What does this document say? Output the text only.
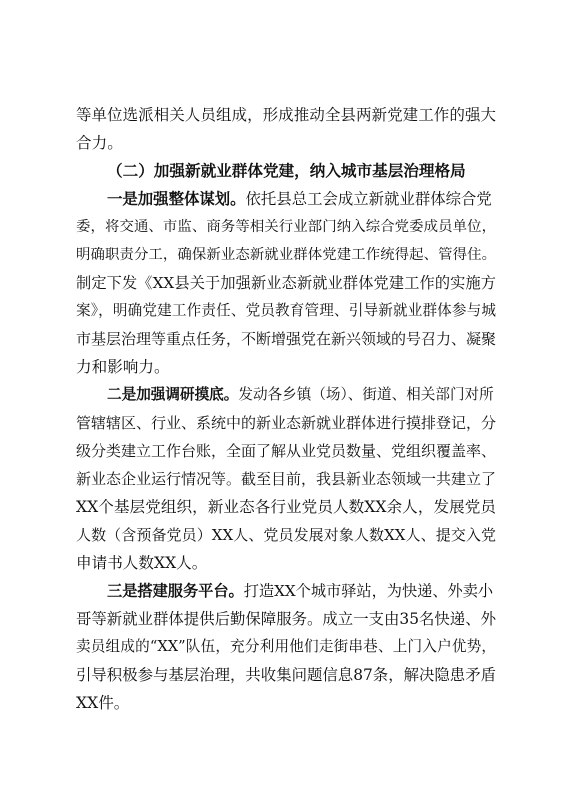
等单位选派相关人员组成，形成推动全县两新党建工作的强大
合力。
（二）加强新就业群体党建，纳入城市基层治理格局
一是加强整体谋划。依托县总工会成立新就业群体综合党
委，将交通、市监、商务等相关行业部门纳入综合党委成员单位，
明确职责分工，确保新业态新就业群体党建工作统得起、管得住。
制定下发《XX县关于加强新业态新就业群体党建工作的实施方
案》，明确党建工作责任、党员教育管理、引导新就业群体参与城
市基层治理等重点任务，不断增强党在新兴领域的号召力、凝聚
力和影响力。
二是加强调研摸底。发动各乡镇（场）、街道、相关部门对所
管辖辖区、行业、系统中的新业态新就业群体进行摸排登记，分
级分类建立工作台账，全面了解从业党员数量、党组织覆盖率、
新业态企业运行情况等。截至目前，我县新业态领域一共建立了
XX个基层党组织，新业态各行业党员人数XX余人，发展党员
人数（含预备党员）XX人、党员发展对象人数XX人、提交入党
申请书人数XX人。
三是搭建服务平台。打造XX个城市驿站，为快递、外卖小
哥等新就业群体提供后勤保障服务。成立一支由35名快递、外
卖员组成的“XX”队伍，充分利用他们走街串巷、上门入户优势，
引导积极参与基层治理，共收集问题信息87条，解决隐患矛盾
XX件。
